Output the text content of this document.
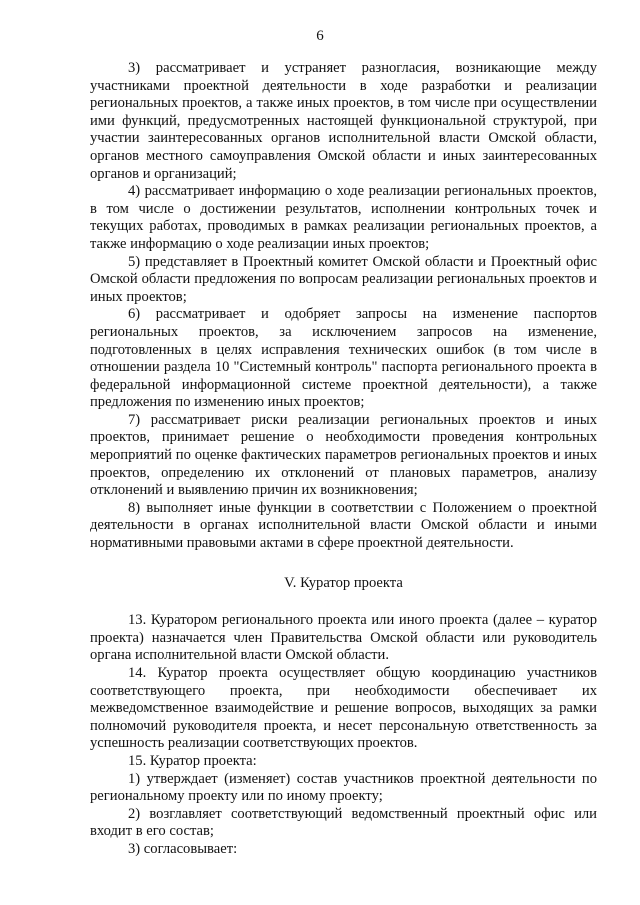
6

3) рассматривает и устраняет разногласия, возникающие между участниками проектной деятельности в ходе разработки и реализации региональных проектов, а также иных проектов, в том числе при осуществлении ими функций, предусмотренных настоящей функциональной структурой, при участии заинтересованных органов исполнительной власти Омской области, органов местного самоуправления Омской области и иных заинтересованных органов и организаций;

4) рассматривает информацию о ходе реализации региональных проектов, в том числе о достижении результатов, исполнении контрольных точек и текущих работах, проводимых в рамках реализации региональных проектов, а также информацию о ходе реализации иных проектов;

5) представляет в Проектный комитет Омской области и Проектный офис Омской области предложения по вопросам реализации региональных проектов и иных проектов;

6) рассматривает и одобряет запросы на изменение паспортов региональных проектов, за исключением запросов на изменение, подготовленных в целях исправления технических ошибок (в том числе в отношении раздела 10 "Системный контроль" паспорта регионального проекта в федеральной информационной системе проектной деятельности), а также предложения по изменению иных проектов;

7) рассматривает риски реализации региональных проектов и иных проектов, принимает решение о необходимости проведения контрольных мероприятий по оценке фактических параметров региональных проектов и иных проектов, определению их отклонений от плановых параметров, анализу отклонений и выявлению причин их возникновения;

8) выполняет иные функции в соответствии с Положением о проектной деятельности в органах исполнительной власти Омской области и иными нормативными правовыми актами в сфере проектной деятельности.

V. Куратор проекта

13. Куратором регионального проекта или иного проекта (далее – куратор проекта) назначается член Правительства Омской области или руководитель органа исполнительной власти Омской области.

14. Куратор проекта осуществляет общую координацию участников соответствующего проекта, при необходимости обеспечивает их межведомственное взаимодействие и решение вопросов, выходящих за рамки полномочий руководителя проекта, и несет персональную ответственность за успешность реализации соответствующих проектов.

15. Куратор проекта:

1) утверждает (изменяет) состав участников проектной деятельности по региональному проекту или по иному проекту;

2) возглавляет соответствующий ведомственный проектный офис или входит в его состав;

3) согласовывает:
